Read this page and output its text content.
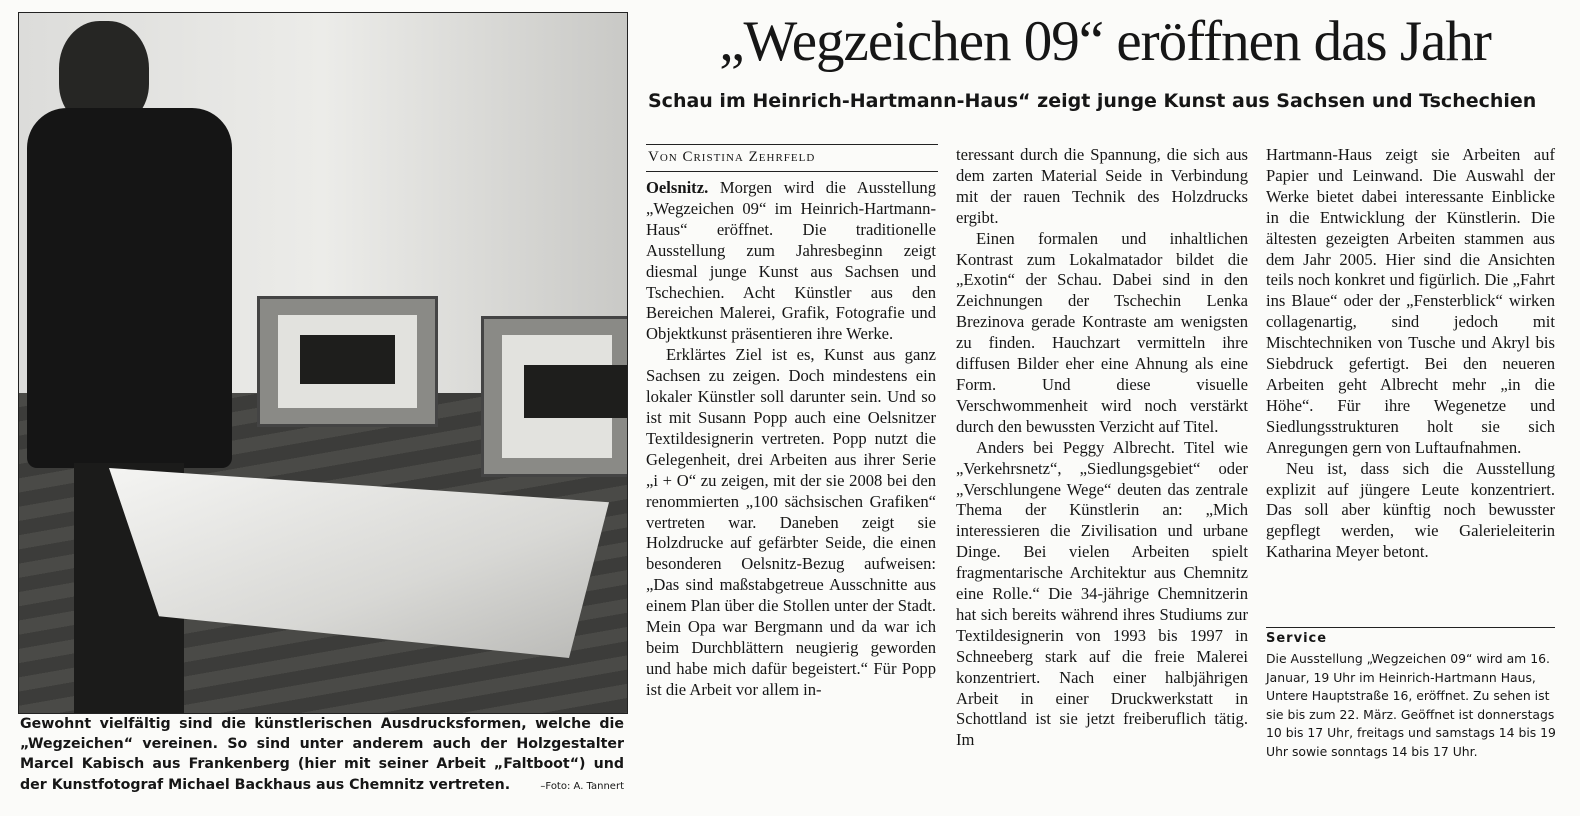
Gewohnt vielfältig sind die künstlerischen Ausdrucksformen, welche die „Wegzeichen“ vereinen. So sind unter anderem auch der Holzgestalter Marcel Kabisch aus Frankenberg (hier mit seiner Arbeit „Faltboot“) und der Kunstfotograf Michael Backhaus aus Chemnitz vertreten.	–Foto: A. Tannert
„Wegzeichen 09“ eröffnen das Jahr
Schau im Heinrich-Hartmann-Haus“ zeigt junge Kunst aus Sachsen und Tschechien
Von Cristina Zehrfeld

Oelsnitz. Morgen wird die Ausstellung „Wegzeichen 09“ im Heinrich-Hartmann-Haus“ eröffnet. Die traditionelle Ausstellung zum Jahresbeginn zeigt diesmal junge Kunst aus Sachsen und Tschechien. Acht Künstler aus den Bereichen Malerei, Grafik, Fotografie und Objektkunst präsentieren ihre Werke.

Erklärtes Ziel ist es, Kunst aus ganz Sachsen zu zeigen. Doch mindestens ein lokaler Künstler soll darunter sein. Und so ist mit Susann Popp auch eine Oelsnitzer Textildesignerin vertreten. Popp nutzt die Gelegenheit, drei Arbeiten aus ihrer Serie „i + O“ zu zeigen, mit der sie 2008 bei den renommierten „100 sächsischen Grafiken“ vertreten war. Daneben zeigt sie Holzdrucke auf gefärbter Seide, die einen besonderen Oelsnitz-Bezug aufweisen: „Das sind maßstabgetreue Ausschnitte aus einem Plan über die Stollen unter der Stadt. Mein Opa war Bergmann und da war ich beim Durchblättern neugierig geworden und habe mich dafür begeistert.“ Für Popp ist die Arbeit vor allem in-

teressant durch die Spannung, die sich aus dem zarten Material Seide in Verbindung mit der rauen Technik des Holzdrucks ergibt.

Einen formalen und inhaltlichen Kontrast zum Lokalmatador bildet die „Exotin“ der Schau. Dabei sind in den Zeichnungen der Tschechin Lenka Brezinova gerade Kontraste am wenigsten zu finden. Hauchzart vermitteln ihre diffusen Bilder eher eine Ahnung als eine Form. Und diese visuelle Verschwommenheit wird noch verstärkt durch den bewussten Verzicht auf Titel.

Anders bei Peggy Albrecht. Titel wie „Verkehrsnetz“, „Siedlungsgebiet“ oder „Verschlungene Wege“ deuten das zentrale Thema der Künstlerin an: „Mich interessieren die Zivilisation und urbane Dinge. Bei vielen Arbeiten spielt fragmentarische Architektur aus Chemnitz eine Rolle.“ Die 34-jährige Chemnitzerin hat sich bereits während ihres Studiums zur Textildesignerin von 1993 bis 1997 in Schneeberg stark auf die freie Malerei konzentriert. Nach einer halbjährigen Arbeit in einer Druckwerkstatt in Schottland ist sie jetzt freiberuflich tätig. Im

Hartmann-Haus zeigt sie Arbeiten auf Papier und Leinwand. Die Auswahl der Werke bietet dabei interessante Einblicke in die Entwicklung der Künstlerin. Die ältesten gezeigten Arbeiten stammen aus dem Jahr 2005. Hier sind die Ansichten teils noch konkret und figürlich. Die „Fahrt ins Blaue“ oder der „Fensterblick“ wirken collagenartig, sind jedoch mit Mischtechniken von Tusche und Akryl bis Siebdruck gefertigt. Bei den neueren Arbeiten geht Albrecht mehr „in die Höhe“. Für ihre Wegenetze und Siedlungsstrukturen holt sie sich Anregungen gern von Luftaufnahmen.

Neu ist, dass sich die Ausstellung explizit auf jüngere Leute konzentriert. Das soll aber künftig noch bewusster gepflegt werden, wie Galerieleiterin Katharina Meyer betont.

Service
Die Ausstellung „Wegzeichen 09“ wird am 16. Januar, 19 Uhr im Heinrich-Hartmann Haus, Untere Hauptstraße 16, eröffnet. Zu sehen ist sie bis zum 22. März. Geöffnet ist donnerstags 10 bis 17 Uhr, freitags und samstags 14 bis 19 Uhr sowie sonntags 14 bis 17 Uhr.
